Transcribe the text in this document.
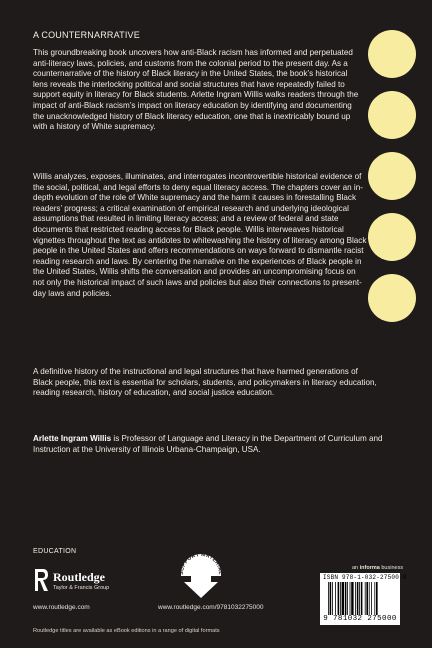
A COUNTERNARRATIVE

This groundbreaking book uncovers how anti-Black racism has informed and perpetuated anti-literacy laws, policies, and customs from the colonial period to the present day. As a counternarrative of the history of Black literacy in the United States, the book’s historical lens reveals the interlocking political and social structures that have repeatedly failed to support equity in literacy for Black students. Arlette Ingram Willis walks readers through the impact of anti-Black racism’s impact on literacy education by identifying and documenting the unacknowledged history of Black literacy education, one that is inextricably bound up with a history of White supremacy.

Willis analyzes, exposes, illuminates, and interrogates incontrovertible historical evidence of the social, political, and legal efforts to deny equal literacy access. The chapters cover an in-depth evolution of the role of White supremacy and the harm it causes in forestalling Black readers’ progress; a critical examination of empirical research and underlying ideological assumptions that resulted in limiting literacy access; and a review of federal and state documents that restricted reading access for Black people. Willis interweaves historical vignettes throughout the text as antidotes to whitewashing the history of literacy among Black people in the United States and offers recommendations on ways forward to dismantle racist reading research and laws. By centering the narrative on the experiences of Black people in the United States, Willis shifts the conversation and provides an uncompromising focus on not only the historical impact of such laws and policies but also their connections to present-day laws and policies.

A definitive history of the instructional and legal structures that have harmed generations of Black people, this text is essential for scholars, students, and policymakers in literacy education, reading research, history of education, and social justice education.

Arlette Ingram Willis is Professor of Language and Literacy in the Department of Curriculum and Instruction at the University of Illinois Urbana-Champaign, USA.

EDUCATION
Routledge
Taylor & Francis Group
www.routledge.com
SUPPORT MATERIAL
www.routledge.com/9781032275000
an informa business
ISBN 978-1-032-27500-0
9 781032 275000
Routledge titles are available as eBook editions in a range of digital formats
